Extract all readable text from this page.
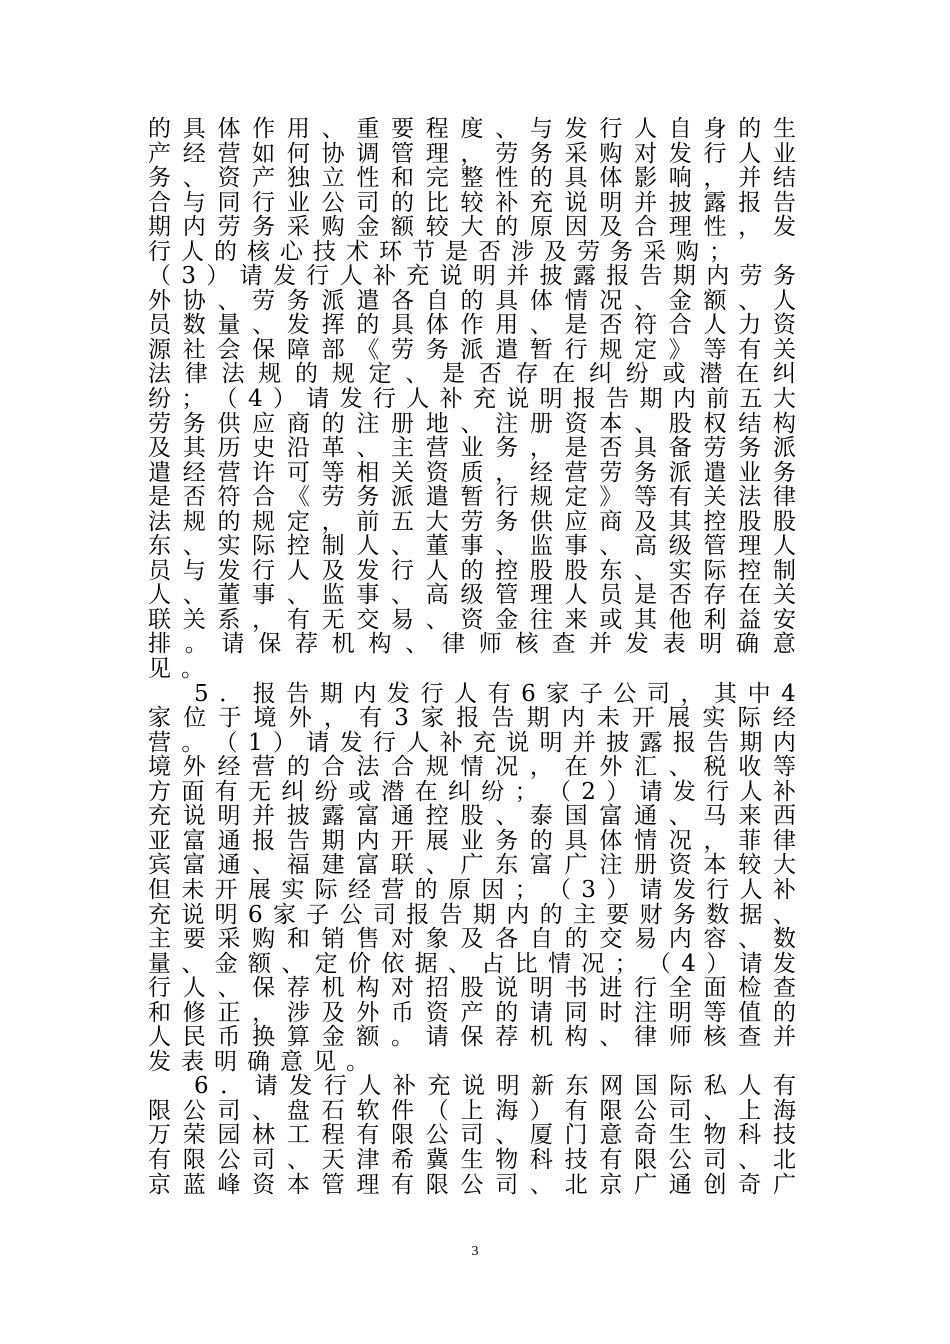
的 具 体 作 用 、 重 要 程 度 、 与 发 行 人 自 身 的 生
产 经 营 如 何 协 调 管 理 ， 劳 务 采 购 对 发 行 人 业
务 、 资 产 独 立 性 和 完 整 性 的 具 体 影 响 ， 并 结
合 与 同 行 业 公 司 的 比 较 补 充 说 明 并 披 露 报 告
期 内 劳 务 采 购 金 额 较 大 的 原 因 及 合 理 性 ， 发
行人的核心技术环节是否涉及劳务采购；
（ 3 ） 请 发 行 人 补 充 说 明 并 披 露 报 告 期 内 劳 务
外 协 、 劳 务 派 遣 各 自 的 具 体 情 况 、 金 额 、 人
员 数 量 、 发 挥 的 具 体 作 用 、 是 否 符 合 人 力 资
源 社 会 保 障 部 《 劳 务 派 遣 暂 行 规 定 》 等 有 关
法 律 法 规 的 规 定 、 是 否 存 在 纠 纷 或 潜 在 纠
纷 ； （ 4 ） 请 发 行 人 补 充 说 明 报 告 期 内 前 五 大
劳 务 供 应 商 的 注 册 地 、 注 册 资 本 、 股 权 结 构
及 其 历 史 沿 革 、 主 营 业 务 ， 是 否 具 备 劳 务 派
遣 经 营 许 可 等 相 关 资 质 ， 经 营 劳 务 派 遣 业 务
是 否 符 合 《 劳 务 派 遣 暂 行 规 定 》 等 有 关 法 律
法 规 的 规 定 ， 前 五 大 劳 务 供 应 商 及 其 控 股 股
东 、 实 际 控 制 人 、 董 事 、 监 事 、 高 级 管 理 人
员 与 发 行 人 及 发 行 人 的 控 股 股 东 、 实 际 控 制
人 、 董 事 、 监 事 、 高 级 管 理 人 员 是 否 存 在 关
联 关 系 ， 有 无 交 易 、 资 金 往 来 或 其 他 利 益 安
排 。 请 保 荐 机 构 、 律 师 核 查 并 发 表 明 确 意
见。
5 ． 报 告 期 内 发 行 人 有 6 家 子 公 司 ， 其 中 4
家 位 于 境 外 ， 有 3 家 报 告 期 内 未 开 展 实 际 经
营 。 （ 1 ） 请 发 行 人 补 充 说 明 并 披 露 报 告 期 内
境 外 经 营 的 合 法 合 规 情 况 ， 在 外 汇 、 税 收 等
方 面 有 无 纠 纷 或 潜 在 纠 纷 ； （ 2 ） 请 发 行 人 补
充 说 明 并 披 露 富 通 控 股 、 泰 国 富 通 、 马 来 西
亚 富 通 报 告 期 内 开 展 业 务 的 具 体 情 况 ， 菲 律
宾 富 通 、 福 建 富 联 、 广 东 富 广 注 册 资 本 较 大
但 未 开 展 实 际 经 营 的 原 因 ； （ 3 ） 请 发 行 人 补
充 说 明 6 家 子 公 司 报 告 期 内 的 主 要 财 务 数 据 、
主 要 采 购 和 销 售 对 象 及 各 自 的 交 易 内 容 、 数
量 、 金 额 、 定 价 依 据 、 占 比 情 况 ； （ 4 ） 请 发
行 人 、 保 荐 机 构 对 招 股 说 明 书 进 行 全 面 检 查
和 修 正 ， 涉 及 外 币 资 产 的 请 同 时 注 明 等 值 的
人 民 币 换 算 金 额 。 请 保 荐 机 构 、 律 师 核 查 并
发表明确意见。
6 ． 请 发 行 人 补 充 说 明 新 东 网 国 际 私 人 有
限 公 司 、 盘 石 软 件 （ 上 海 ） 有 限 公 司 、 上 海
万 荣 园 林 工 程 有 限 公 司 、 厦 门 意 奇 生 物 科 技
有 限 公 司 、 天 津 希 冀 生 物 科 技 有 限 公 司 、 北
京 蓝 峰 资 本 管 理 有 限 公 司 、 北 京 广 通 创 奇 广
3
